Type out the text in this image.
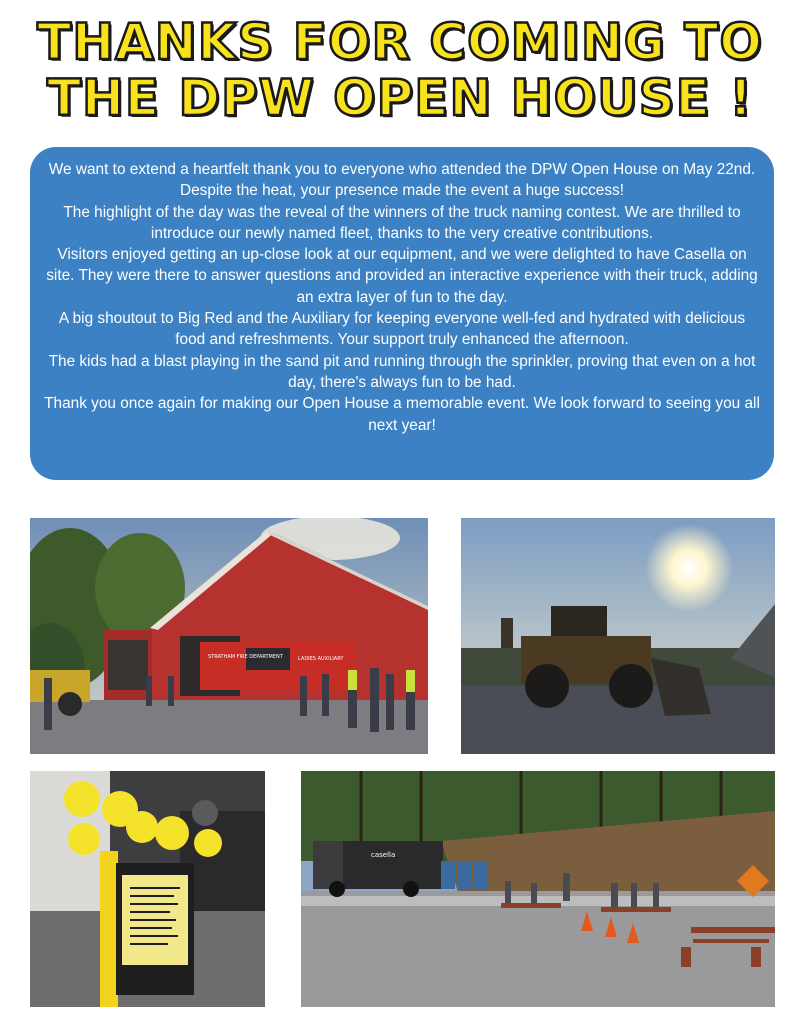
THANKS FOR COMING TO
THE DPW OPEN HOUSE !

We want to extend a heartfelt thank you to everyone who attended the DPW Open House on May 22nd. Despite the heat, your presence made the event a huge success!

The highlight of the day was the reveal of the winners of the truck naming contest. We are thrilled to introduce our newly named fleet, thanks to the very creative contributions.

Visitors enjoyed getting an up-close look at our equipment, and we were delighted to have Casella on site. They were there to answer questions and provided an interactive experience with their truck, adding an extra layer of fun to the day.

A big shoutout to Big Red and the Auxiliary for keeping everyone well-fed and hydrated with delicious food and refreshments. Your support truly enhanced the afternoon.

The kids had a blast playing in the sand pit and running through the sprinkler, proving that even on a hot day, there's always fun to be had.

Thank you once again for making our Open House a memorable event. We look forward to seeing you all next year!

STRATHAM FIRE DEPARTMENT	LADIES AUXILIARY
casella
